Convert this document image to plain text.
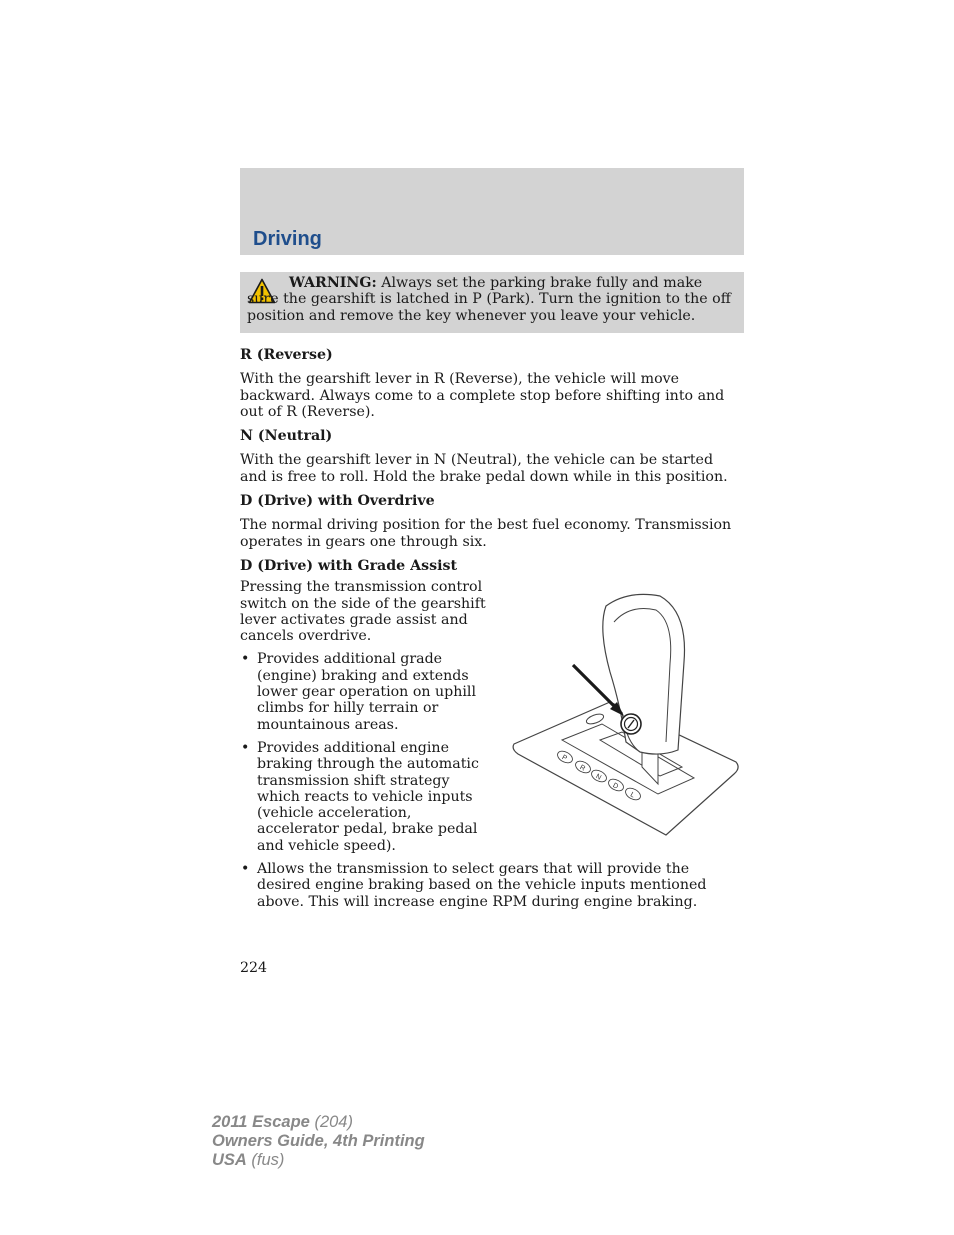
Driving

WARNING: Always set the parking brake fully and make sure the gearshift is latched in P (Park). Turn the ignition to the off position and remove the key whenever you leave your vehicle.

R (Reverse)

With the gearshift lever in R (Reverse), the vehicle will move backward. Always come to a complete stop before shifting into and out of R (Reverse).

N (Neutral)

With the gearshift lever in N (Neutral), the vehicle can be started and is free to roll. Hold the brake pedal down while in this position.

D (Drive) with Overdrive

The normal driving position for the best fuel economy. Transmission operates in gears one through six.

D (Drive) with Grade Assist

Pressing the transmission control switch on the side of the gearshift lever activates grade assist and cancels overdrive.

• Provides additional grade (engine) braking and extends lower gear operation on uphill climbs for hilly terrain or mountainous areas.
• Provides additional engine braking through the automatic transmission shift strategy which reacts to vehicle inputs (vehicle acceleration, accelerator pedal, brake pedal and vehicle speed).
• Allows the transmission to select gears that will provide the desired engine braking based on the vehicle inputs mentioned above. This will increase engine RPM during engine braking.
P
R
N
D
L
224
2011 Escape (204)
Owners Guide, 4th Printing
USA (fus)
